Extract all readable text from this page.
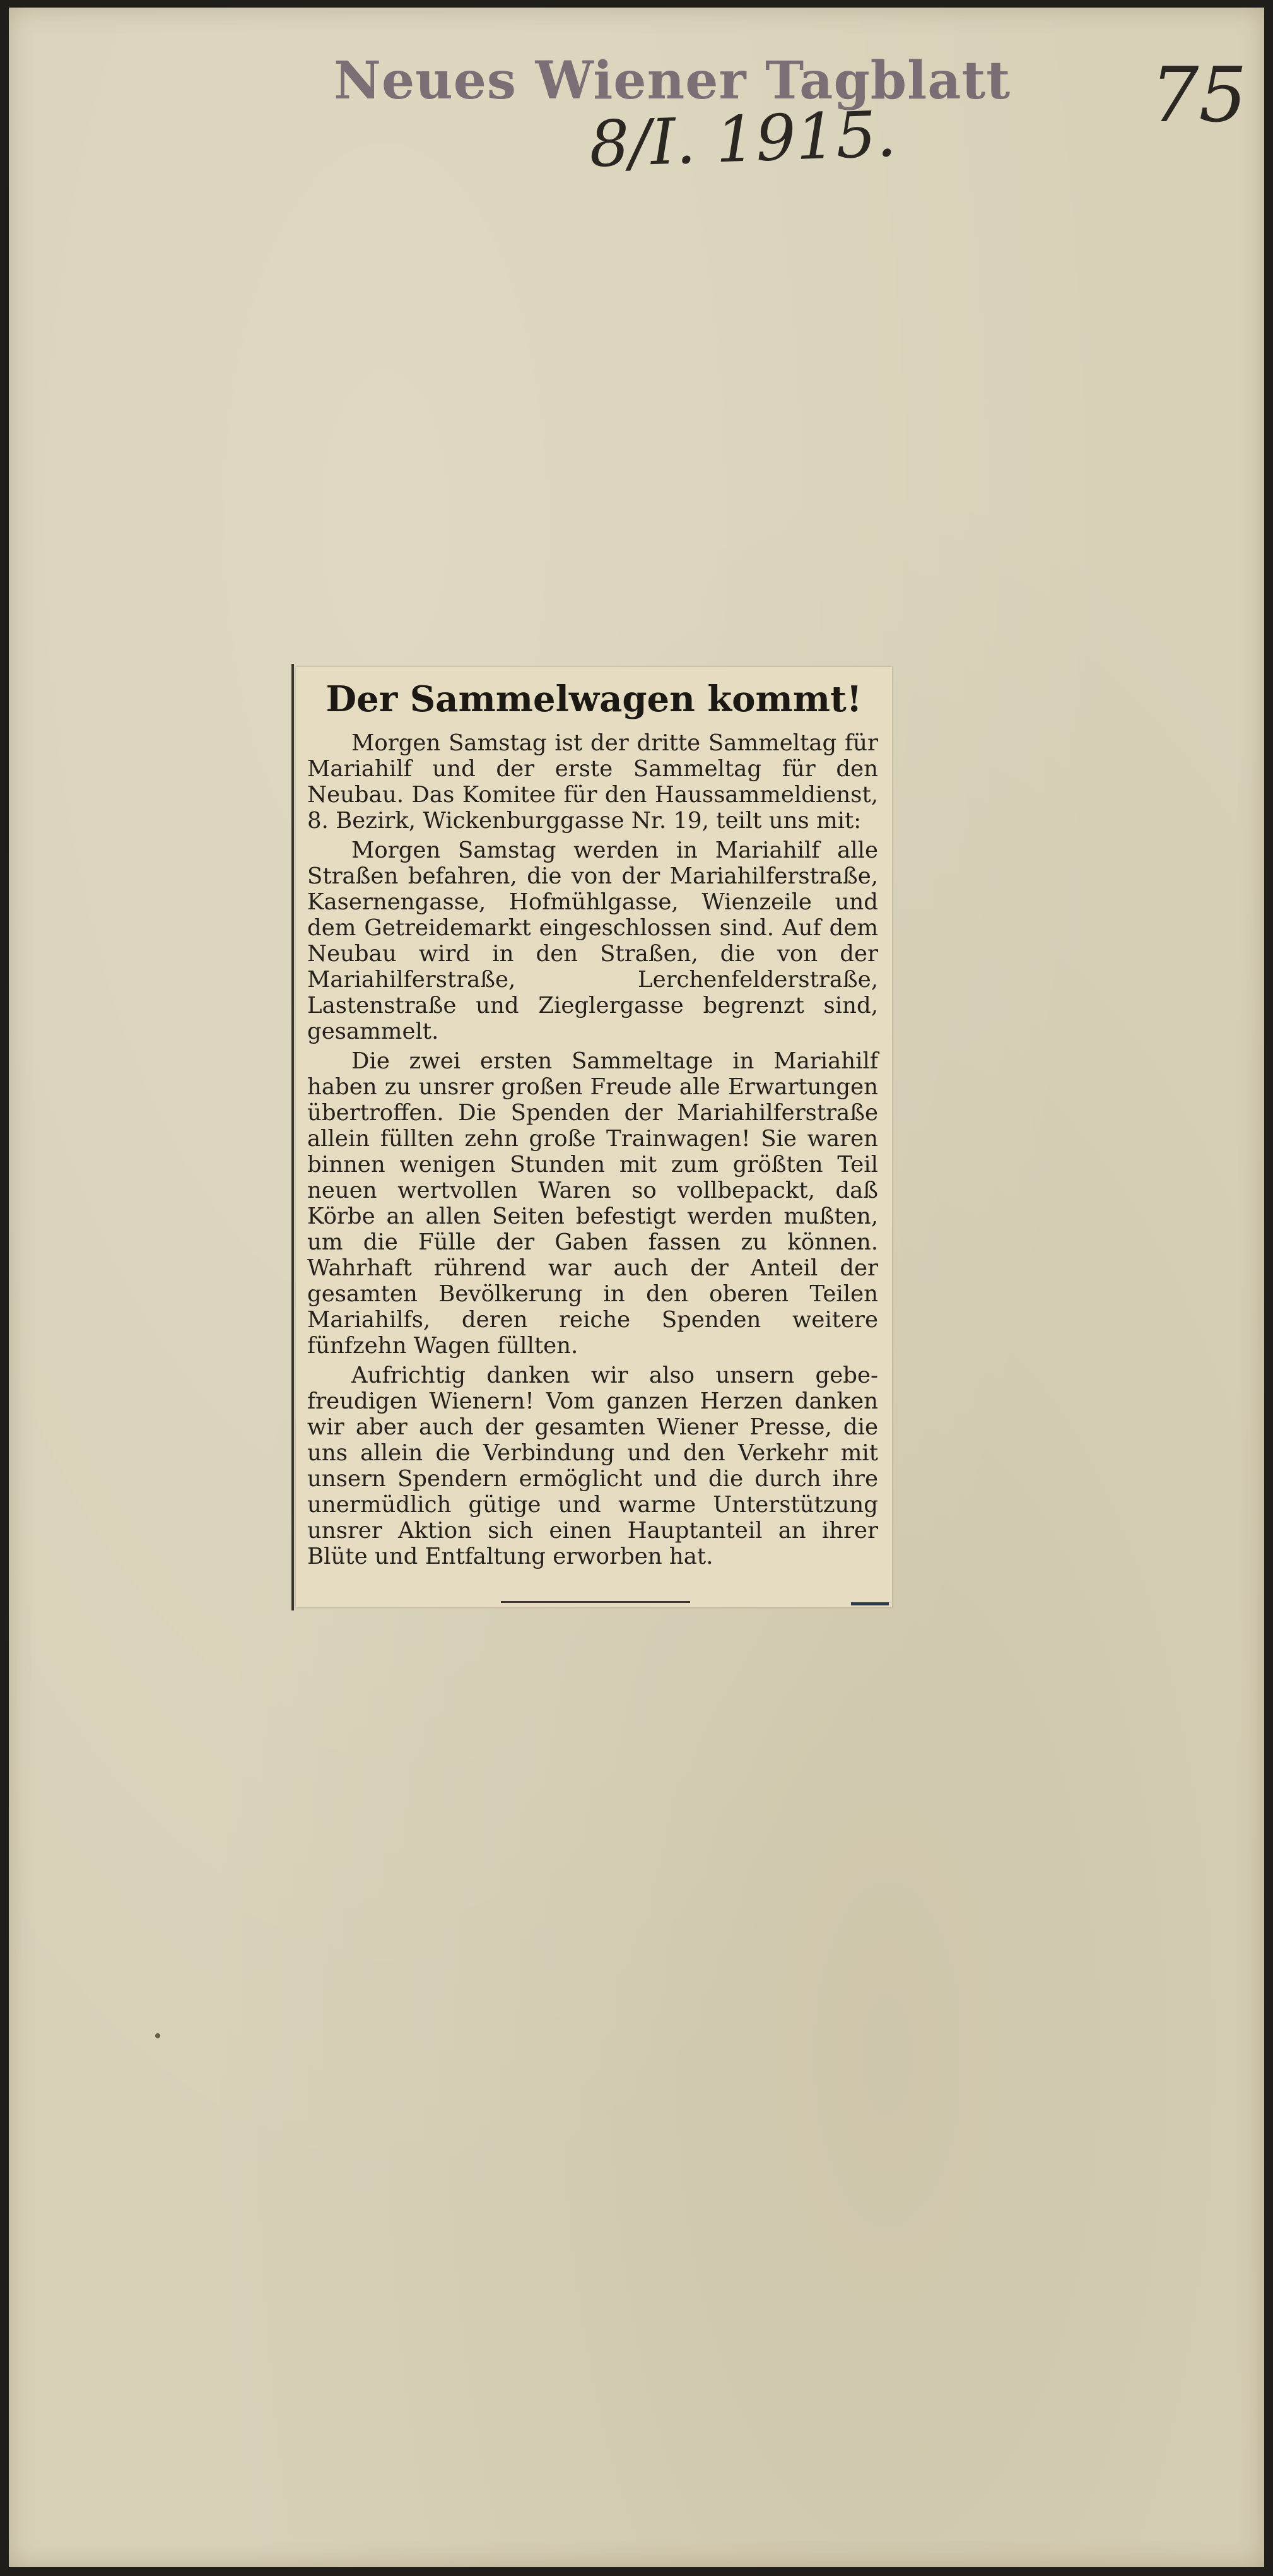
Neues Wiener Tagblatt
8/I. 1915.	75
Der Sammelwagen kommt!

Morgen Samstag ist der dritte Sammeltag für Mariahilf und der erste Sammeltag für den Neubau. Das Komitee für den Haussammeldienst, 8. Bezirk, Wickenburggasse Nr. 19, teilt uns mit:

Morgen Samstag werden in Mariahilf alle Straßen befahren, die von der Mariahilferstraße, Kasernengasse, Hofmühlgasse, Wienzeile und dem Getreidemarkt eingeschlossen sind. Auf dem Neubau wird in den Straßen, die von der Mariahilferstraße, Lerchenfelderstraße, Lastenstraße und Zieglergasse begrenzt sind, gesammelt.

Die zwei ersten Sammeltage in Mariahilf haben zu unsrer großen Freude alle Erwartungen übertroffen. Die Spenden der Mariahilferstraße allein füllten zehn große Trainwagen! Sie waren binnen wenigen Stunden mit zum größten Teil neuen wertvollen Waren so vollbepackt, daß Körbe an allen Seiten befestigt werden mußten, um die Fülle der Gaben fassen zu können. Wahrhaft rührend war auch der Anteil der gesamten Bevölkerung in den oberen Teilen Mariahilfs, deren reiche Spenden weitere fünfzehn Wagen füllten.

Aufrichtig danken wir also unsern gebefreudigen Wienern! Vom ganzen Herzen danken wir aber auch der gesamten Wiener Presse, die uns allein die Verbindung und den Verkehr mit unsern Spendern ermöglicht und die durch ihre unermüdlich gütige und warme Unterstützung unsrer Aktion sich einen Hauptanteil an ihrer Blüte und Entfaltung erworben hat.
